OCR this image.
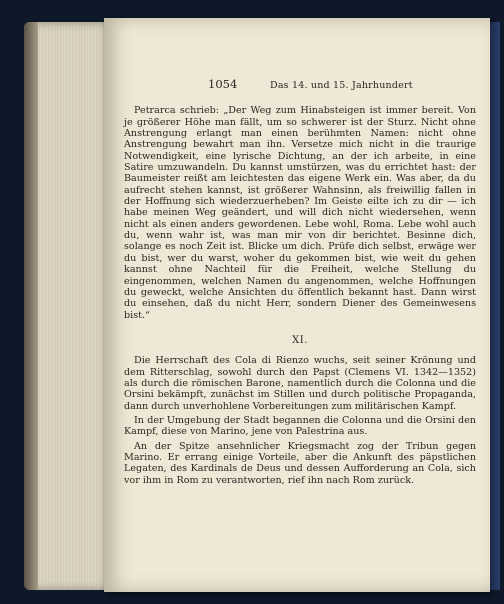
1054	Das 14. und 15. Jahrhundert

Petrarca schrieb: „Der Weg zum Hinabsteigen ist immer bereit. Von je größerer Höhe man fällt, um so schwerer ist der Sturz. Nicht ohne Anstrengung erlangt man einen berühmten Namen: nicht ohne Anstrengung bewahrt man ihn. Versetze mich nicht in die traurige Notwendigkeit, eine lyrische Dichtung, an der ich arbeite, in eine Satire umzuwandeln. Du kannst umstürzen, was du errichtet hast: der Baumeister reißt am leichtesten das eigene Werk ein. Was aber, da du aufrecht stehen kannst, ist größerer Wahnsinn, als freiwillig fallen in der Hoffnung sich wiederzuerheben? Im Geiste eilte ich zu dir — ich habe meinen Weg geändert, und will dich nicht wiedersehen, wenn nicht als einen anders gewordenen. Lebe wohl, Roma. Lebe wohl auch du, wenn wahr ist, was man mir von dir berichtet. Besinne dich, solange es noch Zeit ist. Blicke um dich. Prüfe dich selbst, erwäge wer du bist, wer du warst, woher du gekommen bist, wie weit du gehen kannst ohne Nachteil für die Freiheit, welche Stellung du eingenommen, welchen Namen du angenommen, welche Hoffnungen du geweckt, welche Ansichten du öffentlich bekannt hast. Dann wirst du einsehen, daß du nicht Herr, sondern Diener des Gemeinwesens bist.“

XI.

Die Herrschaft des Cola di Rienzo wuchs, seit seiner Krönung und dem Ritterschlag, sowohl durch den Papst (Clemens VI. 1342—1352) als durch die römischen Barone, namentlich durch die Colonna und die Orsini bekämpft, zunächst im Stillen und durch politische Propaganda, dann durch unverhohlene Vorbereitungen zum militärischen Kampf.

In der Umgebung der Stadt begannen die Colonna und die Orsini den Kampf, diese von Marino, jene von Palestrina aus.

An der Spitze ansehnlicher Kriegsmacht zog der Tribun gegen Marino. Er errang einige Vorteile, aber die Ankunft des päpstlichen Legaten, des Kardinals de Deus und dessen Aufforderung an Cola, sich vor ihm in Rom zu verantworten, rief ihn nach Rom zurück.
